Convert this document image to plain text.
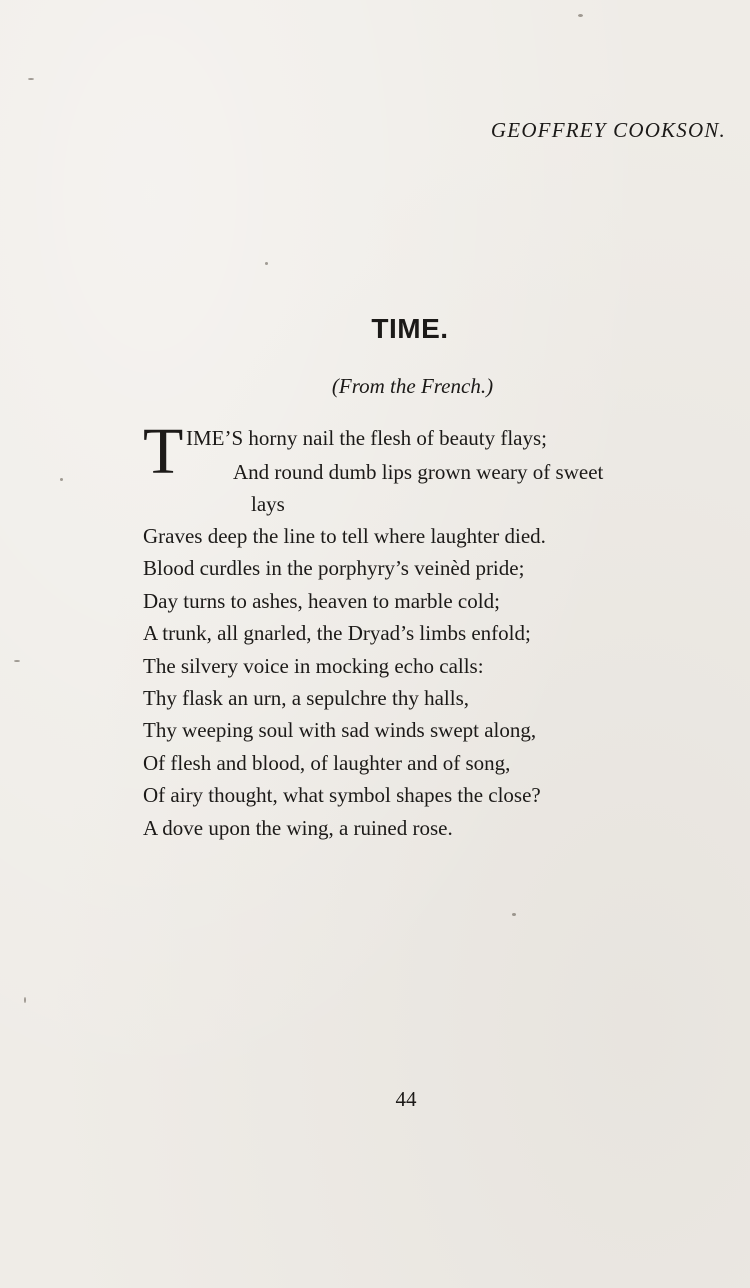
GEOFFREY COOKSON.
TIME.
(From the French.)
T IME’S horny nail the flesh of beauty flays;
And round dumb lips grown weary of sweet
lays
Graves deep the line to tell where laughter died.
Blood curdles in the porphyry’s veinèd pride;
Day turns to ashes, heaven to marble cold;
A trunk, all gnarled, the Dryad’s limbs enfold;
The silvery voice in mocking echo calls:
Thy flask an urn, a sepulchre thy halls,
Thy weeping soul with sad winds swept along,
Of flesh and blood, of laughter and of song,
Of airy thought, what symbol shapes the close?
A dove upon the wing, a ruined rose.
44
